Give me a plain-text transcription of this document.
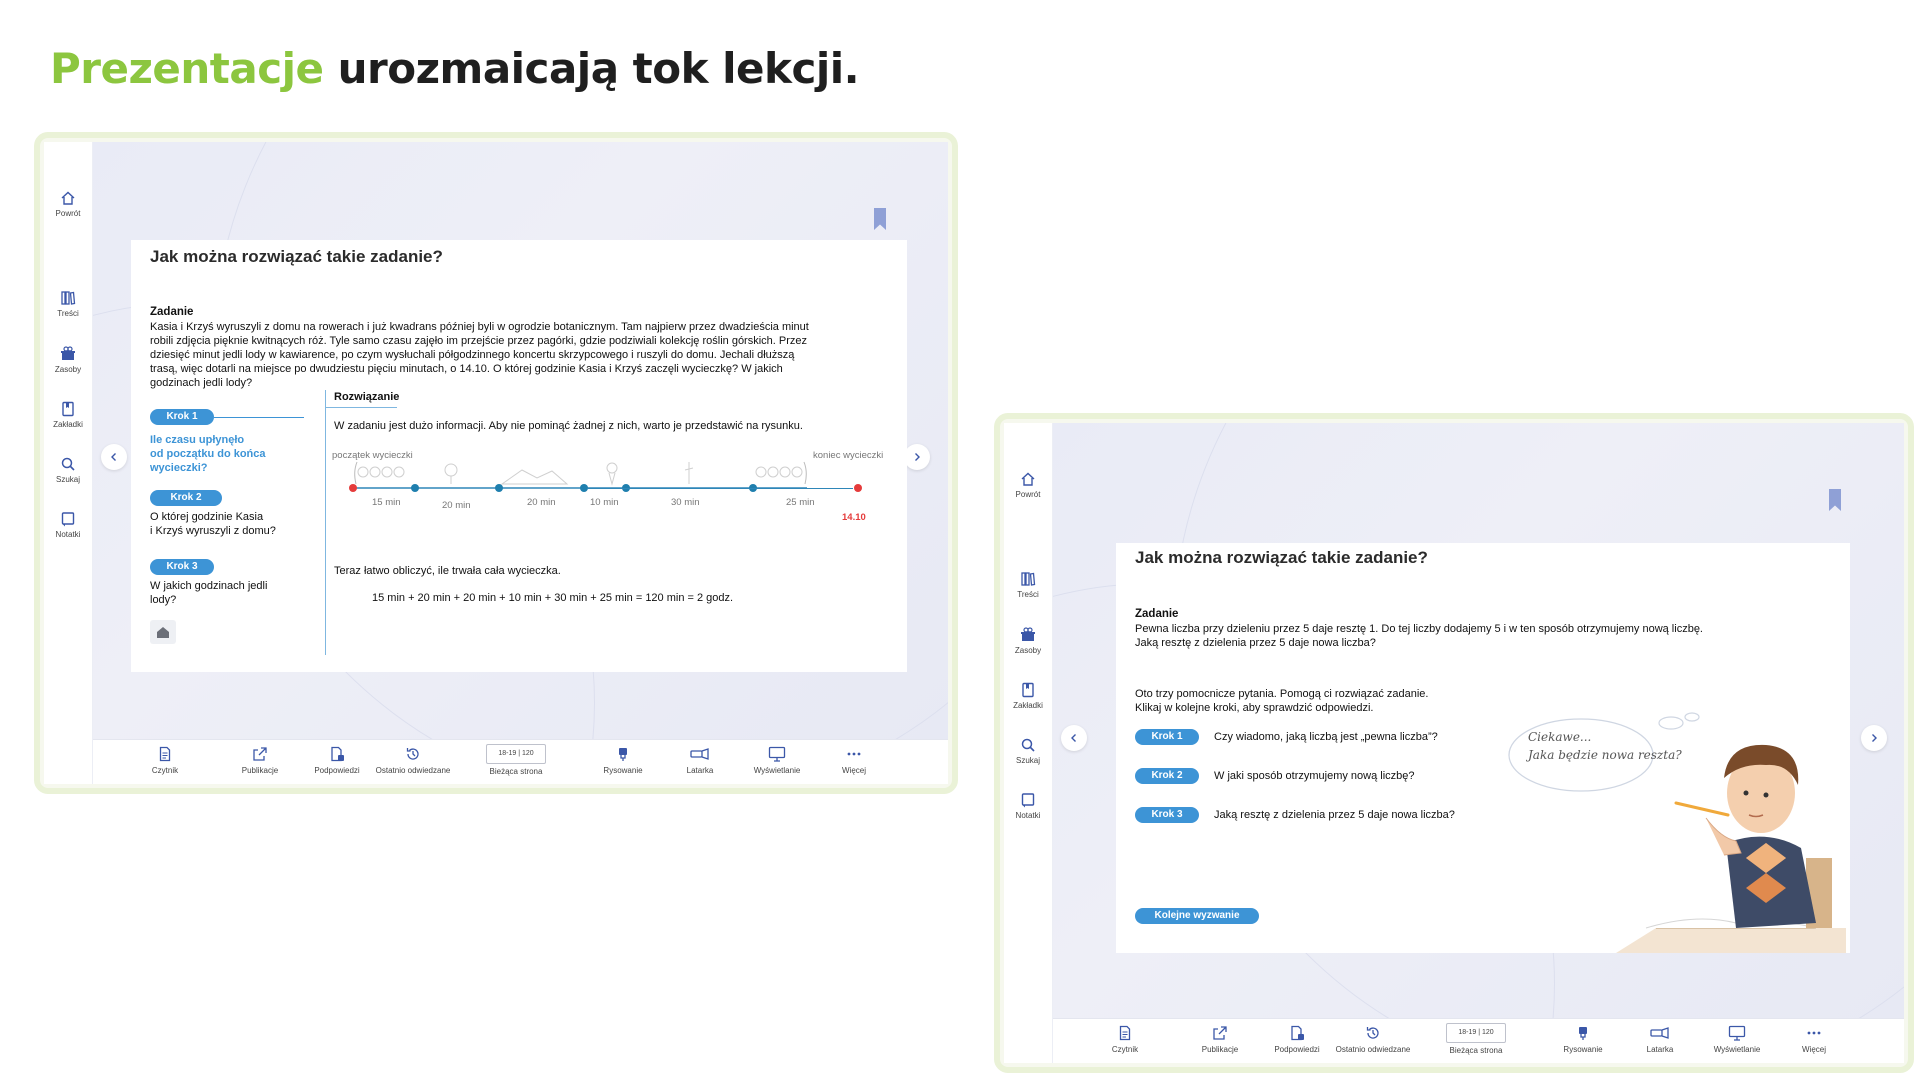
Prezentacje urozmaicają tok lekcji.
Powrót
Treści
Zasoby
Zakładki
Szukaj
Notatki
Jak można rozwiązać takie zadanie?
Zadanie
Kasia i Krzyś wyruszyli z domu na rowerach i już kwadrans później byli w ogrodzie botanicznym. Tam najpierw przez dwadzieścia minut
robili zdjęcia pięknie kwitnących róż. Tyle samo czasu zajęło im przejście przez pagórki, gdzie podziwiali kolekcję roślin górskich. Przez
dziesięć minut jedli lody w kawiarence, po czym wysłuchali półgodzinnego koncertu skrzypcowego i ruszyli do domu. Jechali dłuższą
trasą, więc dotarli na miejsce po dwudziestu pięciu minutach, o 14.10. O której godzinie Kasia i Krzyś zaczęli wycieczkę? W jakich
godzinach jedli lody?
Krok 1
Ile czasu upłynęło
od początku do końca
wycieczki?
Krok 2
O której godzinie Kasia
i Krzyś wyruszyli z domu?
Krok 3
W jakich godzinach jedli
lody?
Rozwiązanie
W zadaniu jest dużo informacji. Aby nie pominąć żadnej z nich, warto je przedstawić na rysunku.
początek wycieczki	koniec wycieczki
15 min	20 min	20 min	10 min	30 min	25 min
14.10
Teraz łatwo obliczyć, ile trwała cała wycieczka.
15 min + 20 min + 20 min + 10 min + 30 min + 25 min = 120 min = 2 godz.
Czytnik	Publikacje	Podpowiedzi	Ostatnio odwiedzane
18-19 | 120
Bieżąca strona	Rysowanie	Latarka	Wyświetlanie	Więcej
Powrót
Treści
Zasoby
Zakładki
Szukaj
Notatki
Jak można rozwiązać takie zadanie?
Zadanie
Pewna liczba przy dzieleniu przez 5 daje resztę 1. Do tej liczby dodajemy 5 i w ten sposób otrzymujemy nową liczbę.
Jaką resztę z dzielenia przez 5 daje nowa liczba?
Oto trzy pomocnicze pytania. Pomogą ci rozwiązać zadanie.
Klikaj w kolejne kroki, aby sprawdzić odpowiedzi.
Krok 1	Czy wiadomo, jaką liczbą jest „pewna liczba”?
Krok 2	W jaki sposób otrzymujemy nową liczbę?
Krok 3	Jaką resztę z dzielenia przez 5 daje nowa liczba?
Kolejne wyzwanie
Ciekawe...
Jaka będzie nowa reszta?
Czytnik	Publikacje	Podpowiedzi	Ostatnio odwiedzane
18-19 | 120
Bieżąca strona	Rysowanie	Latarka	Wyświetlanie	Więcej
